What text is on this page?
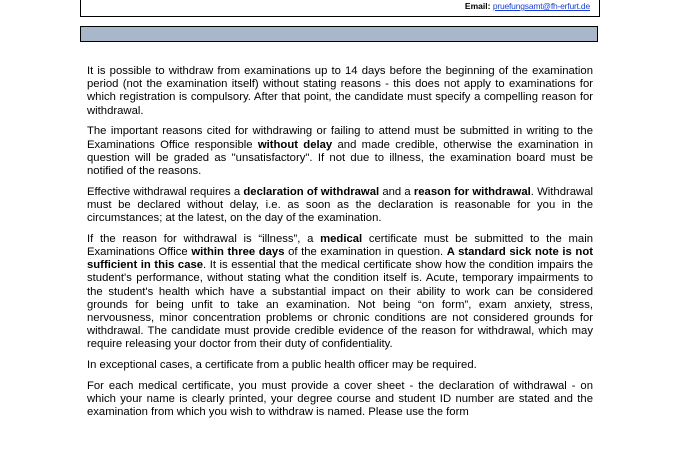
Email: pruefungsamt@fh-erfurt.de

It is possible to withdraw from examinations up to 14 days before the beginning of the examination period (not the examination itself) without stating reasons - this does not apply to examinations for which registration is compulsory. After that point, the candidate must specify a compelling reason for withdrawal.

The important reasons cited for withdrawing or failing to attend must be submitted in writing to the Examinations Office responsible without delay and made credible, otherwise the examination in question will be graded as "unsatisfactory". If not due to illness, the examination board must be notified of the reasons.

Effective withdrawal requires a declaration of withdrawal and a reason for withdrawal. Withdrawal must be declared without delay, i.e. as soon as the declaration is reasonable for you in the circumstances; at the latest, on the day of the examination.

If the reason for withdrawal is “illness”, a medical certificate must be submitted to the main Examinations Office within three days of the examination in question. A standard sick note is not sufficient in this case. It is essential that the medical certificate show how the condition impairs the student's performance, without stating what the condition itself is. Acute, temporary impairments to the student's health which have a substantial impact on their ability to work can be considered grounds for being unfit to take an examination. Not being “on form”, exam anxiety, stress, nervousness, minor concentration problems or chronic conditions are not considered grounds for withdrawal. The candidate must provide credible evidence of the reason for withdrawal, which may require releasing your doctor from their duty of confidentiality.

In exceptional cases, a certificate from a public health officer may be required.

For each medical certificate, you must provide a cover sheet - the declaration of withdrawal - on which your name is clearly printed, your degree course and student ID number are stated and the examination from which you wish to withdraw is named. Please use the form
